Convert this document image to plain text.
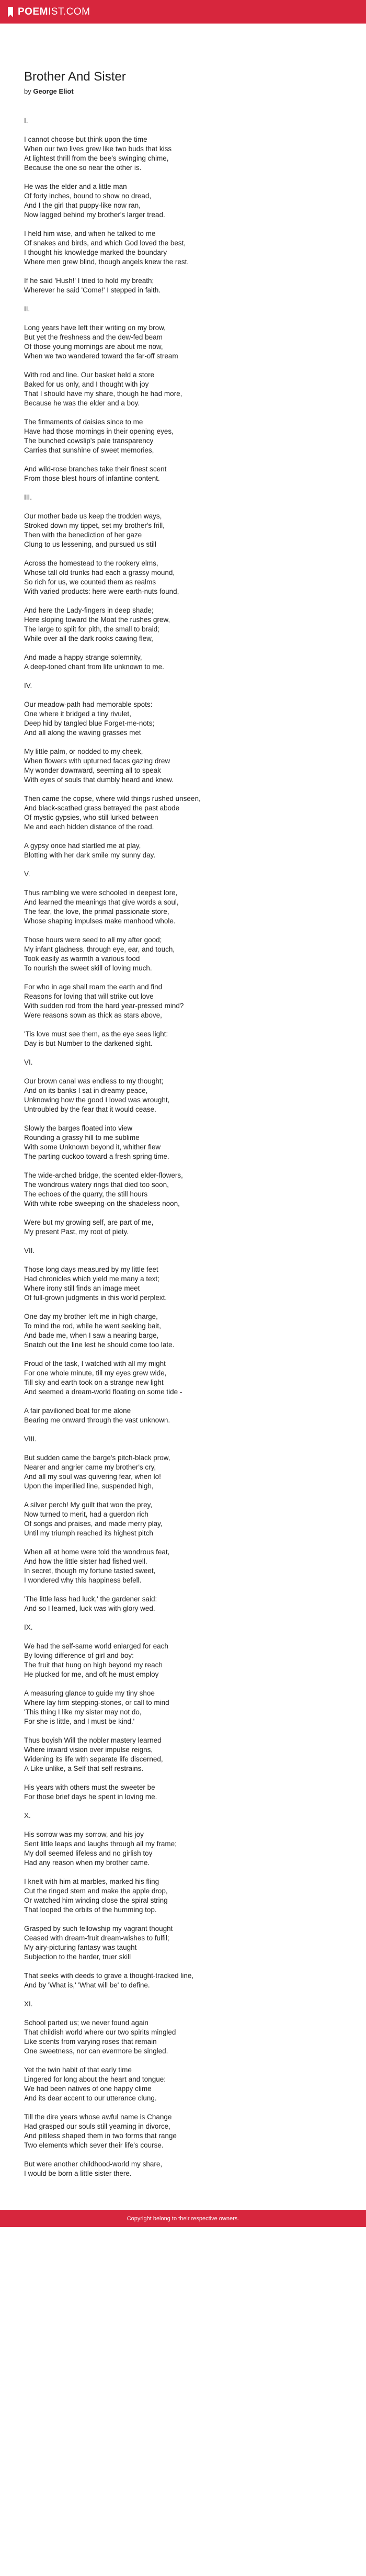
POEMIST.COM
Brother And Sister
by George Eliot
I.
I cannot choose but think upon the time
When our two lives grew like two buds that kiss
At lightest thrill from the bee's swinging chime,
Because the one so near the other is.
He was the elder and a little man
Of forty inches, bound to show no dread,
And I the girl that puppy-like now ran,
Now lagged behind my brother's larger tread.
I held him wise, and when he talked to me
Of snakes and birds, and which God loved the best,
I thought his knowledge marked the boundary
Where men grew blind, though angels knew the rest.
If he said 'Hush!' I tried to hold my breath;
Wherever he said 'Come!' I stepped in faith.
II.
Long years have left their writing on my brow,
But yet the freshness and the dew-fed beam
Of those young mornings are about me now,
When we two wandered toward the far-off stream
With rod and line. Our basket held a store
Baked for us only, and I thought with joy
That I should have my share, though he had more,
Because he was the elder and a boy.
The firmaments of daisies since to me
Have had those mornings in their opening eyes,
The bunched cowslip's pale transparency
Carries that sunshine of sweet memories,
And wild-rose branches take their finest scent
From those blest hours of infantine content.
III.
Our mother bade us keep the trodden ways,
Stroked down my tippet, set my brother's frill,
Then with the benediction of her gaze
Clung to us lessening, and pursued us still
Across the homestead to the rookery elms,
Whose tall old trunks had each a grassy mound,
So rich for us, we counted them as realms
With varied products: here were earth-nuts found,
And here the Lady-fingers in deep shade;
Here sloping toward the Moat the rushes grew,
The large to split for pith, the small to braid;
While over all the dark rooks cawing flew,
And made a happy strange solemnity,
A deep-toned chant from life unknown to me.
IV.
Our meadow-path had memorable spots:
One where it bridged a tiny rivulet,
Deep hid by tangled blue Forget-me-nots;
And all along the waving grasses met
My little palm, or nodded to my cheek,
When flowers with upturned faces gazing drew
My wonder downward, seeming all to speak
With eyes of souls that dumbly heard and knew.
Then came the copse, where wild things rushed unseen,
And black-scathed grass betrayed the past abode
Of mystic gypsies, who still lurked between
Me and each hidden distance of the road.
A gypsy once had startled me at play,
Blotting with her dark smile my sunny day.
V.
Thus rambling we were schooled in deepest lore,
And learned the meanings that give words a soul,
The fear, the love, the primal passionate store,
Whose shaping impulses make manhood whole.
Those hours were seed to all my after good;
My infant gladness, through eye, ear, and touch,
Took easily as warmth a various food
To nourish the sweet skill of loving much.
For who in age shall roam the earth and find
Reasons for loving that will strike out love
With sudden rod from the hard year-pressed mind?
Were reasons sown as thick as stars above,
'Tis love must see them, as the eye sees light:
Day is but Number to the darkened sight.
VI.
Our brown canal was endless to my thought;
And on its banks I sat in dreamy peace,
Unknowing how the good I loved was wrought,
Untroubled by the fear that it would cease.
Slowly the barges floated into view
Rounding a grassy hill to me sublime
With some Unknown beyond it, whither flew
The parting cuckoo toward a fresh spring time.
The wide-arched bridge, the scented elder-flowers,
The wondrous watery rings that died too soon,
The echoes of the quarry, the still hours
With white robe sweeping-on the shadeless noon,
Were but my growing self, are part of me,
My present Past, my root of piety.
VII.
Those long days measured by my little feet
Had chronicles which yield me many a text;
Where irony still finds an image meet
Of full-grown judgments in this world perplext.
One day my brother left me in high charge,
To mind the rod, while he went seeking bait,
And bade me, when I saw a nearing barge,
Snatch out the line lest he should come too late.
Proud of the task, I watched with all my might
For one whole minute, till my eyes grew wide,
Till sky and earth took on a strange new light
And seemed a dream-world floating on some tide -
A fair pavilioned boat for me alone
Bearing me onward through the vast unknown.
VIII.
But sudden came the barge's pitch-black prow,
Nearer and angrier came my brother's cry,
And all my soul was quivering fear, when lo!
Upon the imperilled line, suspended high,
A silver perch! My guilt that won the prey,
Now turned to merit, had a guerdon rich
Of songs and praises, and made merry play,
Until my triumph reached its highest pitch
When all at home were told the wondrous feat,
And how the little sister had fished well.
In secret, though my fortune tasted sweet,
I wondered why this happiness befell.
'The little lass had luck,' the gardener said:
And so I learned, luck was with glory wed.
IX.
We had the self-same world enlarged for each
By loving difference of girl and boy:
The fruit that hung on high beyond my reach
He plucked for me, and oft he must employ
A measuring glance to guide my tiny shoe
Where lay firm stepping-stones, or call to mind
'This thing I like my sister may not do,
For she is little, and I must be kind.'
Thus boyish Will the nobler mastery learned
Where inward vision over impulse reigns,
Widening its life with separate life discerned,
A Like unlike, a Self that self restrains.
His years with others must the sweeter be
For those brief days he spent in loving me.
X.
His sorrow was my sorrow, and his joy
Sent little leaps and laughs through all my frame;
My doll seemed lifeless and no girlish toy
Had any reason when my brother came.
I knelt with him at marbles, marked his fling
Cut the ringed stem and make the apple drop,
Or watched him winding close the spiral string
That looped the orbits of the humming top.
Grasped by such fellowship my vagrant thought
Ceased with dream-fruit dream-wishes to fulfil;
My airy-picturing fantasy was taught
Subjection to the harder, truer skill
That seeks with deeds to grave a thought-tracked line,
And by 'What is,' 'What will be' to define.
XI.
School parted us; we never found again
That childish world where our two spirits mingled
Like scents from varying roses that remain
One sweetness, nor can evermore be singled.
Yet the twin habit of that early time
Lingered for long about the heart and tongue:
We had been natives of one happy clime
And its dear accent to our utterance clung.
Till the dire years whose awful name is Change
Had grasped our souls still yearning in divorce,
And pitiless shaped them in two forms that range
Two elements which sever their life's course.
But were another childhood-world my share,
I would be born a little sister there.
Copyright belong to their respective owners.
